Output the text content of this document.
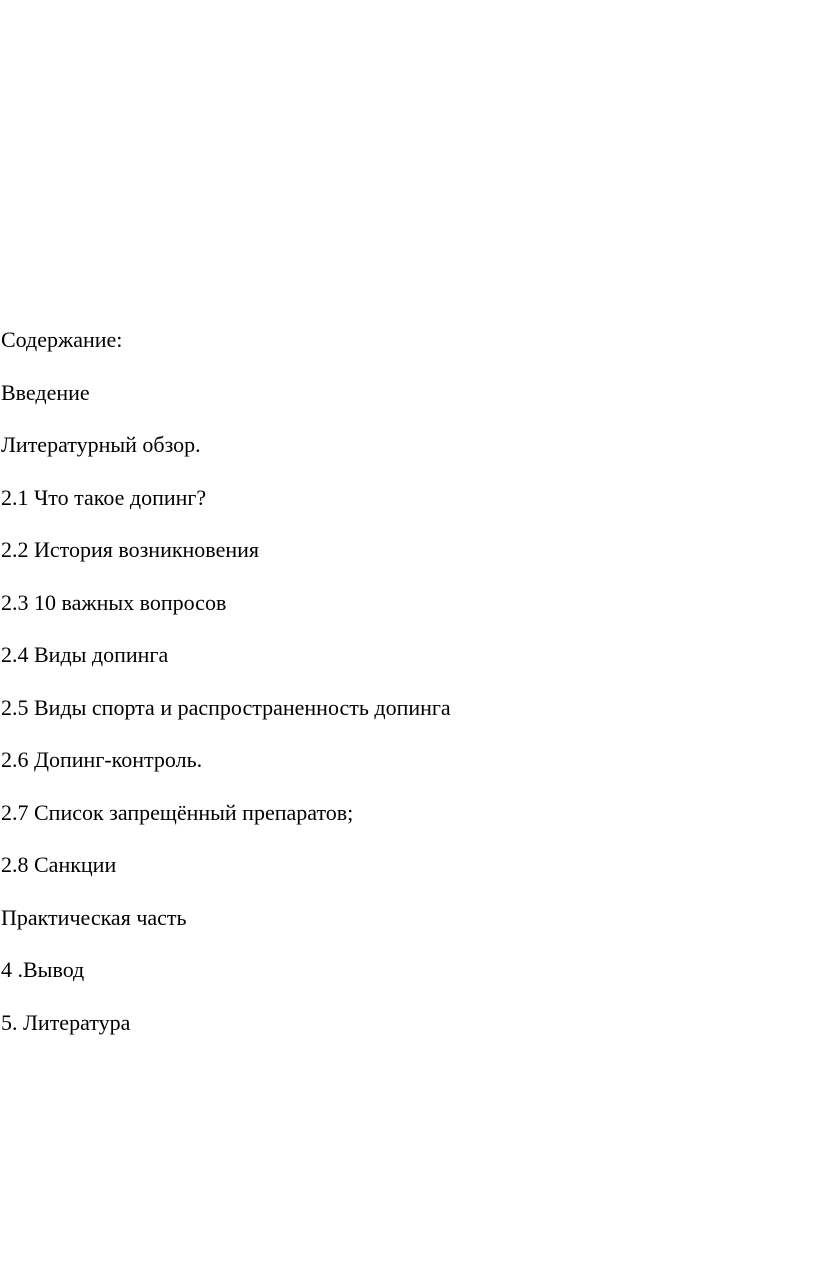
Содержание:

Введение

Литературный обзор.

2.1 Что такое допинг?

2.2 История возникновения

2.3 10 важных вопросов

2.4 Виды допинга

2.5 Виды спорта и распространенность допинга

2.6 Допинг-контроль.

2.7 Список запрещённый препаратов;

2.8 Санкции

Практическая часть

4 .Вывод

5. Литература
